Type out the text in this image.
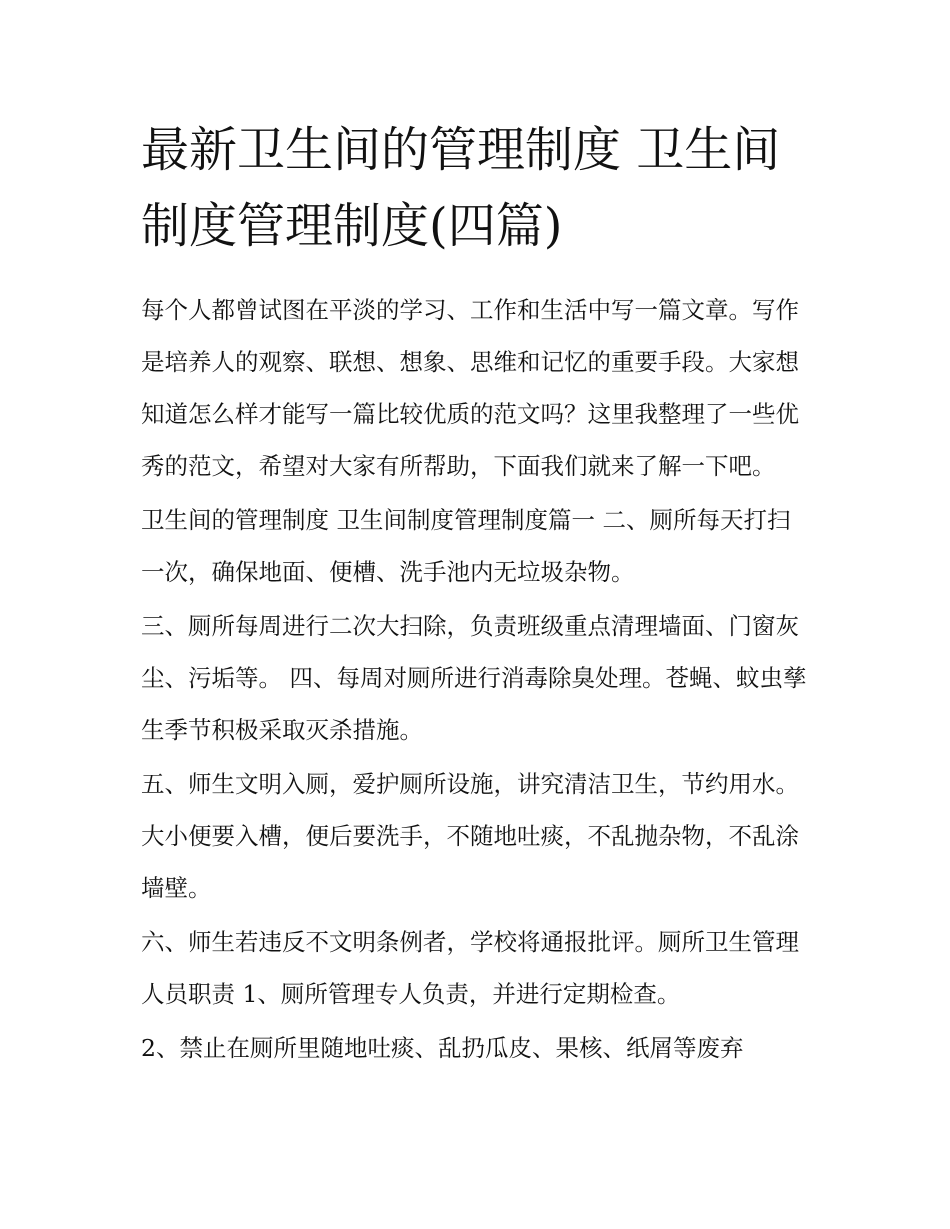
最新卫生间的管理制度 卫生间制度管理制度(四篇)

每个人都曾试图在平淡的学习、工作和生活中写一篇文章。写作是培养人的观察、联想、想象、思维和记忆的重要手段。大家想知道怎么样才能写一篇比较优质的范文吗？这里我整理了一些优秀的范文，希望对大家有所帮助，下面我们就来了解一下吧。

卫生间的管理制度 卫生间制度管理制度篇一 二、厕所每天打扫一次，确保地面、便槽、洗手池内无垃圾杂物。

三、厕所每周进行二次大扫除，负责班级重点清理墙面、门窗灰尘、污垢等。 四、每周对厕所进行消毒除臭处理。苍蝇、蚊虫孳生季节积极采取灭杀措施。

五、师生文明入厕，爱护厕所设施，讲究清洁卫生，节约用水。大小便要入槽，便后要洗手，不随地吐痰，不乱抛杂物，不乱涂墙壁。

六、师生若违反不文明条例者，学校将通报批评。厕所卫生管理人员职责 1、厕所管理专人负责，并进行定期检查。

2、禁止在厕所里随地吐痰、乱扔瓜皮、果核、纸屑等废弃
